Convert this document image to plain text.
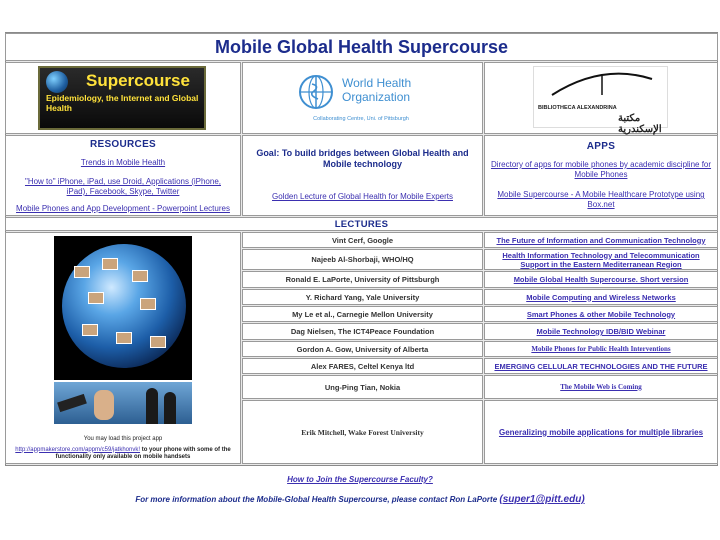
Mobile Global Health Supercourse
Supercourse
Epidemiology, the Internet and Global Health
World Health
Organization
Collaborating Centre, Uni. of Pittsburgh
BIBLIOTHECA ALEXANDRINA
مكتبة الإسكندرية
RESOURCES
Trends in Mobile Health
"How to" iPhone, iPad, use Droid, Applications (iPhone, iPad), Facebook, Skype, Twitter
Mobile Phones and App Development - Powerpoint Lectures
Goal: To build bridges between Global Health and Mobile technology
Golden Lecture of Global Health for Mobile Experts
APPS
Directory of apps for mobile phones by academic discipline for Mobile Phones
Mobile Supercourse - A Mobile Healthcare Prototype using Box.net
LECTURES
You may load this project app
http://appmakerstore.com/appm/c59/jatkhonvk! to your phone with some of the functionality only available on mobile handsets
Vint Cerf, Google	The Future of Information and Communication Technology
Najeeb Al-Shorbaji, WHO/HQ	Health Information Technology and Telecommunication Support in the Eastern Mediterranean Region
Ronald E. LaPorte, University of Pittsburgh	Mobile Global Health Supercourse. Short version
Y. Richard Yang, Yale University	Mobile Computing and Wireless Networks
My Le et al., Carnegie Mellon University	Smart Phones & other Mobile Technology
Dag Nielsen, The ICT4Peace Foundation	Mobile Technology IDB/BID Webinar
Gordon A. Gow, University of Alberta	Mobile Phones for Public Health Interventions
Alex FARES, Celtel Kenya ltd	EMERGING CELLULAR TECHNOLOGIES AND THE FUTURE
Ung-Ping Tian, Nokia	The Mobile Web is Coming
Erik Mitchell, Wake Forest University	Generalizing mobile applications for multiple libraries
How to Join the Supercourse Faculty?
For more information about the Mobile-Global Health Supercourse, please contact Ron LaPorte (super1@pitt.edu)
